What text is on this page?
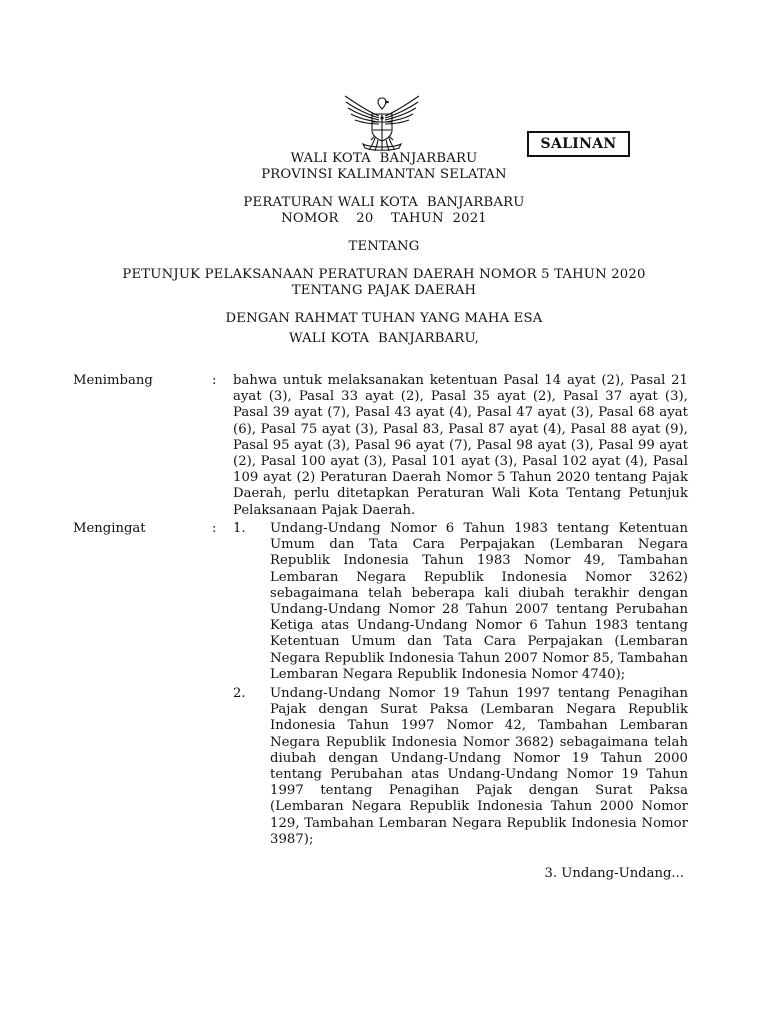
SALINAN
WALI KOTA  BANJARBARU
PROVINSI KALIMANTAN SELATAN
PERATURAN WALI KOTA  BANJARBARU
NOMOR    20    TAHUN  2021
TENTANG
PETUNJUK PELAKSANAAN PERATURAN DAERAH NOMOR 5 TAHUN 2020
TENTANG PAJAK DAERAH
DENGAN RAHMAT TUHAN YANG MAHA ESA
WALI KOTA  BANJARBARU,
Menimbang	: bahwa untuk melaksanakan ketentuan Pasal 14 ayat (2), Pasal 21 ayat (3), Pasal 33 ayat (2), Pasal 35 ayat (2), Pasal 37 ayat (3), Pasal 39 ayat (7), Pasal 43 ayat (4), Pasal 47 ayat (3), Pasal 68 ayat (6), Pasal 75 ayat (3), Pasal 83, Pasal 87 ayat (4), Pasal 88 ayat (9), Pasal 95 ayat (3), Pasal 96 ayat (7), Pasal 98 ayat (3), Pasal 99 ayat (2), Pasal 100 ayat (3), Pasal 101 ayat (3), Pasal 102 ayat (4), Pasal 109 ayat (2) Peraturan Daerah Nomor 5 Tahun 2020 tentang Pajak Daerah, perlu ditetapkan Peraturan Wali Kota Tentang Petunjuk Pelaksanaan Pajak Daerah.
Mengingat	: 1. Undang-Undang Nomor 6 Tahun 1983 tentang Ketentuan Umum dan Tata Cara Perpajakan (Lembaran Negara Republik Indonesia Tahun 1983 Nomor 49, Tambahan Lembaran Negara Republik Indonesia Nomor 3262) sebagaimana telah beberapa kali diubah terakhir dengan Undang-Undang Nomor 28 Tahun 2007 tentang Perubahan Ketiga atas Undang-Undang Nomor 6 Tahun 1983 tentang Ketentuan Umum dan Tata Cara Perpajakan (Lembaran Negara Republik Indonesia Tahun 2007 Nomor 85, Tambahan Lembaran Negara Republik Indonesia Nomor 4740);
2. Undang-Undang Nomor 19 Tahun 1997 tentang Penagihan Pajak dengan Surat Paksa (Lembaran Negara Republik Indonesia Tahun 1997 Nomor 42, Tambahan Lembaran Negara Republik Indonesia Nomor 3682) sebagaimana telah diubah dengan Undang-Undang Nomor 19 Tahun 2000 tentang Perubahan atas Undang-Undang Nomor 19 Tahun 1997 tentang Penagihan Pajak dengan Surat Paksa (Lembaran Negara Republik Indonesia Tahun 2000 Nomor 129, Tambahan Lembaran Negara Republik Indonesia Nomor 3987);
3. Undang-Undang...
